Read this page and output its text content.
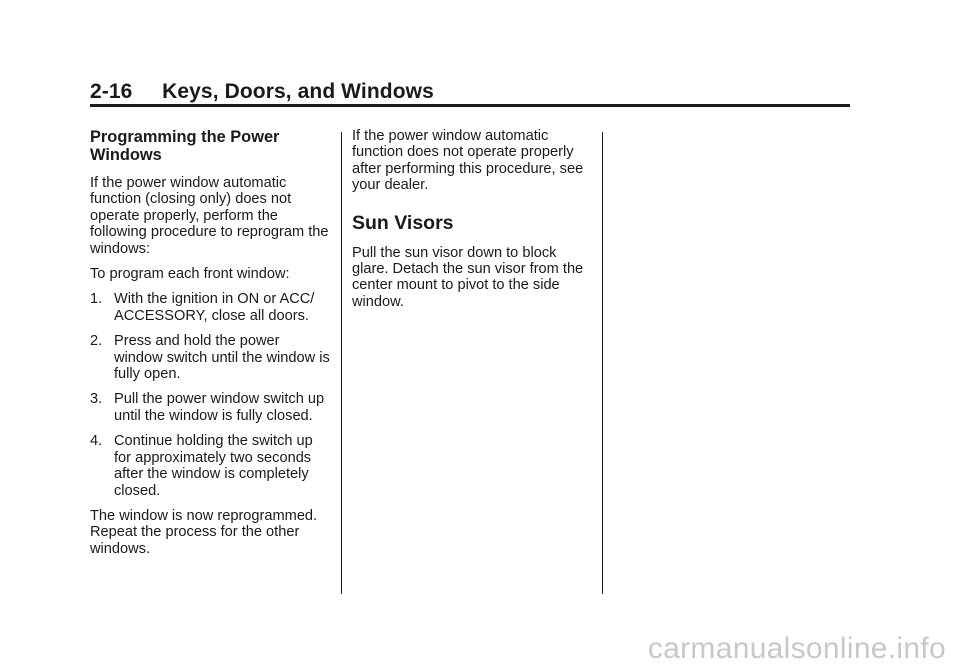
2-16     Keys, Doors, and Windows
Programming the Power Windows

If the power window automatic function (closing only) does not operate properly, perform the following procedure to reprogram the windows:

To program each front window:

1. With the ignition in ON or ACC/ ACCESSORY, close all doors.
2. Press and hold the power window switch until the window is fully open.
3. Pull the power window switch up until the window is fully closed.
4. Continue holding the switch up for approximately two seconds after the window is completely closed.

The window is now reprogrammed. Repeat the process for the other windows.

If the power window automatic function does not operate properly after performing this procedure, see your dealer.

Sun Visors

Pull the sun visor down to block glare. Detach the sun visor from the center mount to pivot to the side window.

carmanualsonline.info
